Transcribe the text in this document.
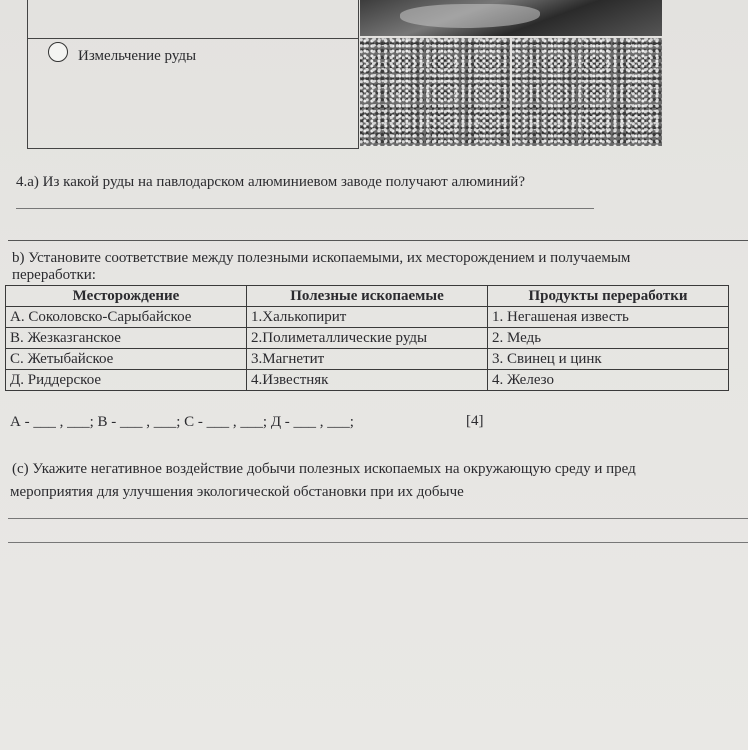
Измельчение руды
4.а) Из какой руды на павлодарском алюминиевом заводе получают алюминий?
b) Установите соответствие между полезными ископаемыми, их месторождением и получаемым
переработки:
Месторождение	Полезные ископаемые	Продукты переработки
А. Соколовско-Сарыбайское	1.Халькопирит	1. Негашеная известь
В. Жезказганское	2.Полиметаллические руды	2. Медь
С. Жетыбайское	3.Магнетит	3. Свинец и цинк
Д. Риддерское	4.Известняк	4. Железо
А - ___ , ___; В - ___ , ___; С - ___ , ___; Д - ___ , ___;	[4]
(с) Укажите негативное воздействие добычи полезных ископаемых на окружающую среду и пред
мероприятия для улучшения экологической обстановки при их добыче
